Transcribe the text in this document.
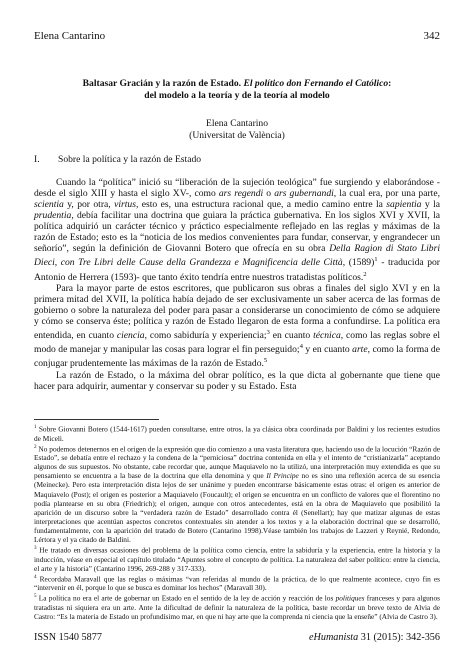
Elena Cantarino	342
Baltasar Gracián y la razón de Estado. El político don Fernando el Católico:
del modelo a la teoría y de la teoría al modelo
Elena Cantarino
(Universitat de València)
I. Sobre la política y la razón de Estado

Cuando la “política” inició su “liberación de la sujeción teológica” fue surgiendo y elaborándose -desde el siglo XIII y hasta el siglo XV-, como ars regendi o ars gubernandi, la cual era, por una parte, scientia y, por otra, virtus, esto es, una estructura racional que, a medio camino entre la sapientia y la prudentia, debía facilitar una doctrina que guiara la práctica gubernativa. En los siglos XVI y XVII, la política adquirió un carácter técnico y práctico especialmente reflejado en las reglas y máximas de la razón de Estado; esto es la “noticia de los medios convenientes para fundar, conservar, y engrandecer un señorío”, según la definición de Giovanni Botero que ofrecía en su obra Della Ragion di Stato Libri Dieci, con Tre Libri delle Cause della Grandezza e Magnificencia delle Città, $(1589)^1$ - traducida por Antonio de Herrera (1593)- que tanto éxito tendría entre nuestros tratadistas políticos.$^2$

Para la mayor parte de estos escritores, que publicaron sus obras a finales del siglo XVI y en la primera mitad del XVII, la política había dejado de ser exclusivamente un saber acerca de las formas de gobierno o sobre la naturaleza del poder para pasar a considerarse un conocimiento de cómo se adquiere y cómo se conserva éste; política y razón de Estado llegaron de esta forma a confundirse. La política era entendida, en cuanto ciencia, como sabiduría y experiencia;$^3$ en cuanto técnica, como las reglas sobre el modo de manejar y manipular las cosas para lograr el fin perseguido;$^4$ y en cuanto arte, como la forma de conjugar prudentemente las máximas de la razón de Estado.$^5$

La razón de Estado, o la máxima del obrar político, es la que dicta al gobernante que tiene que hacer para adquirir, aumentar y conservar su poder y su Estado. Esta

$^1$ Sobre Giovanni Botero (1544-1617) pueden consultarse, entre otros, la ya clásica obra coordinada por Baldini y los recientes estudios de Miceli.

$^2$ No podemos detenernos en el origen de la expresión que dio comienzo a una vasta literatura que, haciendo uso de la locución “Razón de Estado”, se debatía entre el rechazo y la condena de la “perniciosa” doctrina contenida en ella y el intento de “cristianizarla” aceptando algunos de sus supuestos. No obstante, cabe recordar que, aunque Maquiavelo no la utilizó, una interpretación muy extendida es que su pensamiento se encuentra a la base de la doctrina que ella denomina y que Il Principe no es sino una reflexión acerca de su esencia (Meinecke). Pero esta interpretación dista lejos de ser unánime y pueden encontrarse básicamente estas otras: el origen es anterior de Maquiavelo (Post); el origen es posterior a Maquiavelo (Foucault); el origen se encuentra en un conflicto de valores que el florentino no podía plantearse en su obra (Friedrich); el origen, aunque con otros antecedentes, está en la obra de Maquiavelo que posibilitó la aparición de un discurso sobre la “verdadera razón de Estado” desarrollado contra él (Senellart); hay que matizar algunas de estas interpretaciones que acentúan aspectos concretos contextuales sin atender a los textos y a la elaboración doctrinal que se desarrolló, fundamentalmente, con la aparición del tratado de Botero (Cantarino 1998).Véase también los trabajos de Lazzeri y Reynié, Redondo, Lértora y el ya citado de Baldini.

$^3$ He tratado en diversas ocasiones del problema de la política como ciencia, entre la sabiduría y la experiencia, entre la historia y la inducción, véase en especial el capítulo titulado “Apuntes sobre el concepto de política. La naturaleza del saber político: entre la ciencia, el arte y la historia” (Cantarino 1996, 269-288 y 317-333).

$^4$ Recordaba Maravall que las reglas o máximas “van referidas al mundo de la práctica, de lo que realmente acontece, cuyo fin es “intervenir en él, porque lo que se busca es dominar los hechos” (Maravall 30).

$^5$ La política no era el arte de gobernar un Estado en el sentido de la ley de acción y reacción de los politiques franceses y para algunos tratadistas ni siquiera era un arte. Ante la dificultad de definir la naturaleza de la política, baste recordar un breve texto de Alvia de Castro: “Es la materia de Estado un profundísimo mar, en que ni hay arte que la comprenda ni ciencia que la enseñe” (Alvia de Castro 3).

ISSN 1540 5877	eHumanista 31 (2015): 342-356
